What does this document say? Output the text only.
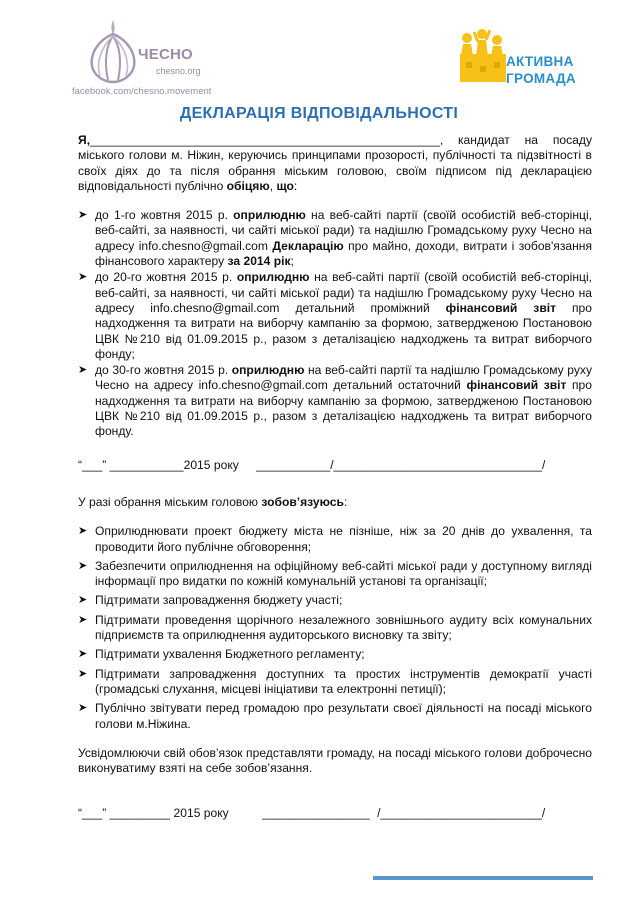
ЧЕСНО
chesno.org
facebook.com/chesno.movement
АКТИВНА
ГРОМАДА
ДЕКЛАРАЦІЯ ВІДПОВІДАЛЬНОСТІ

Я,____________________________________________________, кандидат на посаду міського голови м. Ніжин, керуючись принципами прозорості, публічності та підзвітності в своїх діях до та після обрання міським головою, своїм підписом під декларацією відповідальності публічно обіцяю, що:

➤ до 1-го жовтня 2015 р. оприлюдню на веб-сайті партії (своїй особистій веб-сторінці, веб-сайті, за наявності, чи сайті міської ради) та надішлю Громадському руху Чесно на адресу info.chesno@gmail.com Декларацію про майно, доходи, витрати і зобов'язання фінансового характеру за 2014 рік;
➤ до 20-го жовтня 2015 р. оприлюдню на веб-сайті партії (своїй особистій веб-сторінці, веб-сайті, за наявності, чи сайті міської ради) та надішлю Громадському руху Чесно на адресу info.chesno@gmail.com детальний проміжний фінансовий звіт про надходження та витрати на виборчу кампанію за формою, затвердженою Постановою ЦВК №210 від 01.09.2015 р., разом з деталізацією надходжень та витрат виборчого фонду;
➤ до 30-го жовтня 2015 р. оприлюдню на веб-сайті партії та надішлю Громадському руху Чесно на адресу info.chesno@gmail.com детальний остаточний фінансовий звіт про надходження та витрати на виборчу кампанію за формою, затвердженою Постановою ЦВК №210 від 01.09.2015 р., разом з деталізацією надходжень та витрат виборчого фонду.

“___” ___________2015 року ___________/_______________________________/

У разі обрання міським головою зобов’язуюсь:

➤ Оприлюднювати проект бюджету міста не пізніше, ніж за 20 днів до ухвалення, та проводити його публічне обговорення;
➤ Забезпечити оприлюднення на офіційному веб-сайті міської ради у доступному вигляді інформації про видатки по кожній комунальній установі та організації;
➤ Підтримати запровадження бюджету участі;
➤ Підтримати проведення щорічного незалежного зовнішнього аудиту всіх комунальних підприємств та оприлюднення аудиторського висновку та звіту;
➤ Підтримати ухвалення Бюджетного регламенту;
➤ Підтримати запровадження доступних та простих інструментів демократії участі (громадські слухання, місцеві ініціативи та електронні петиції);
➤ Публічно звітувати перед громадою про результати своєї діяльності на посаді міського голови м.Ніжина.

Усвідомлюючи свій обов’язок представляти громаду, на посаді міського голови доброчесно виконуватиму взяті на себе зобов’язання.

“___” _________ 2015 року	________________ /________________________/
